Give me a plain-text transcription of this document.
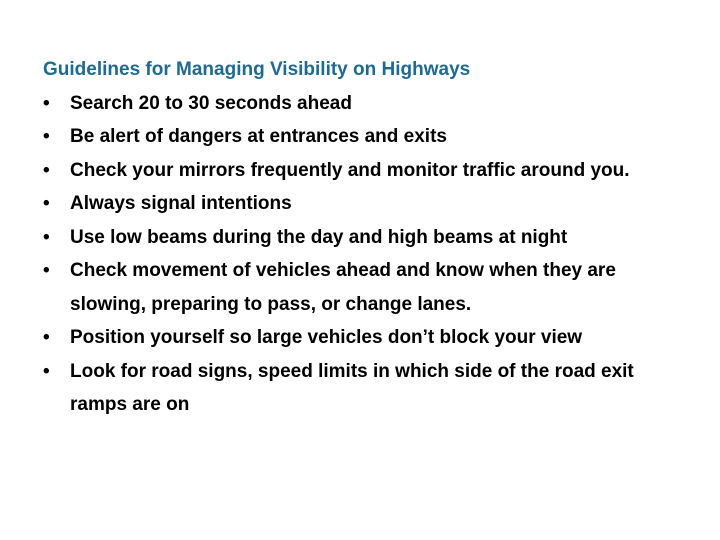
Guidelines for Managing Visibility on Highways
•	Search 20 to 30 seconds ahead
•	Be alert of dangers at entrances and exits
•	Check your mirrors frequently and monitor traffic around you.
•	Always signal intentions
•	Use low beams during the day and high beams at night
•	Check movement of vehicles ahead and know when they are slowing, preparing to pass, or change lanes.
•	Position yourself so large vehicles don’t block your view
•	Look for road signs, speed limits in which side of the road exit ramps are on
